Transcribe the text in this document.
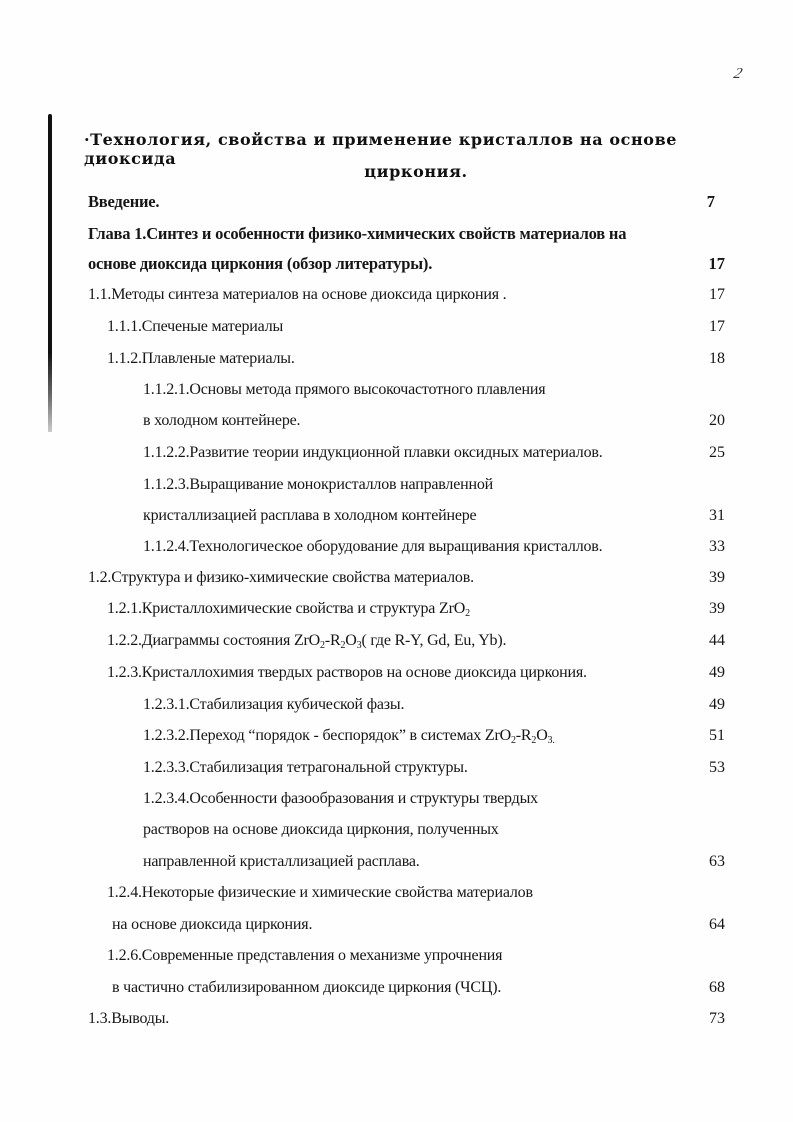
2
·Технология, свойства и применение кристаллов на основе диоксида
циркония.
Введение.	7
Глава 1.Синтез и особенности физико-химических свойств материалов на
основе диоксида циркония (обзор литературы).	17
1.1.Методы синтеза материалов на основе диоксида циркония .	17
1.1.1.Спеченые материалы	17
1.1.2.Плавленые материалы.	18
1.1.2.1.Основы метода прямого высокочастотного плавления
в холодном контейнере.	20
1.1.2.2.Развитие теории индукционной плавки оксидных материалов.	25
1.1.2.3.Выращивание монокристаллов направленной
кристаллизацией расплава в холодном контейнере	31
1.1.2.4.Технологическое оборудование для выращивания кристаллов.	33
1.2.Структура и физико-химические свойства материалов.	39
1.2.1.Кристаллохимические свойства и структура ZrO$_2$	39
1.2.2.Диаграммы состояния $ZrO_2-R_2O_3$( где R-Y, Gd, Eu, Yb).	44
1.2.3.Кристаллохимия твердых растворов на основе диоксида циркония.	49
1.2.3.1.Стабилизация кубической фазы.	49
1.2.3.2.Переход “порядок - беспорядок” в системах $ZrO_2-R_2O_{3.}$	51
1.2.3.3.Стабилизация тетрагональной структуры.	53
1.2.3.4.Особенности фазообразования и структуры твердых
растворов на основе диоксида циркония, полученных
направленной кристаллизацией расплава.	63
1.2.4.Некоторые физические и химические свойства материалов
на основе диоксида циркония.	64
1.2.6.Современные представления о механизме упрочнения
в частично стабилизированном диоксиде циркония (ЧСЦ).	68
1.3.Выводы.	73
